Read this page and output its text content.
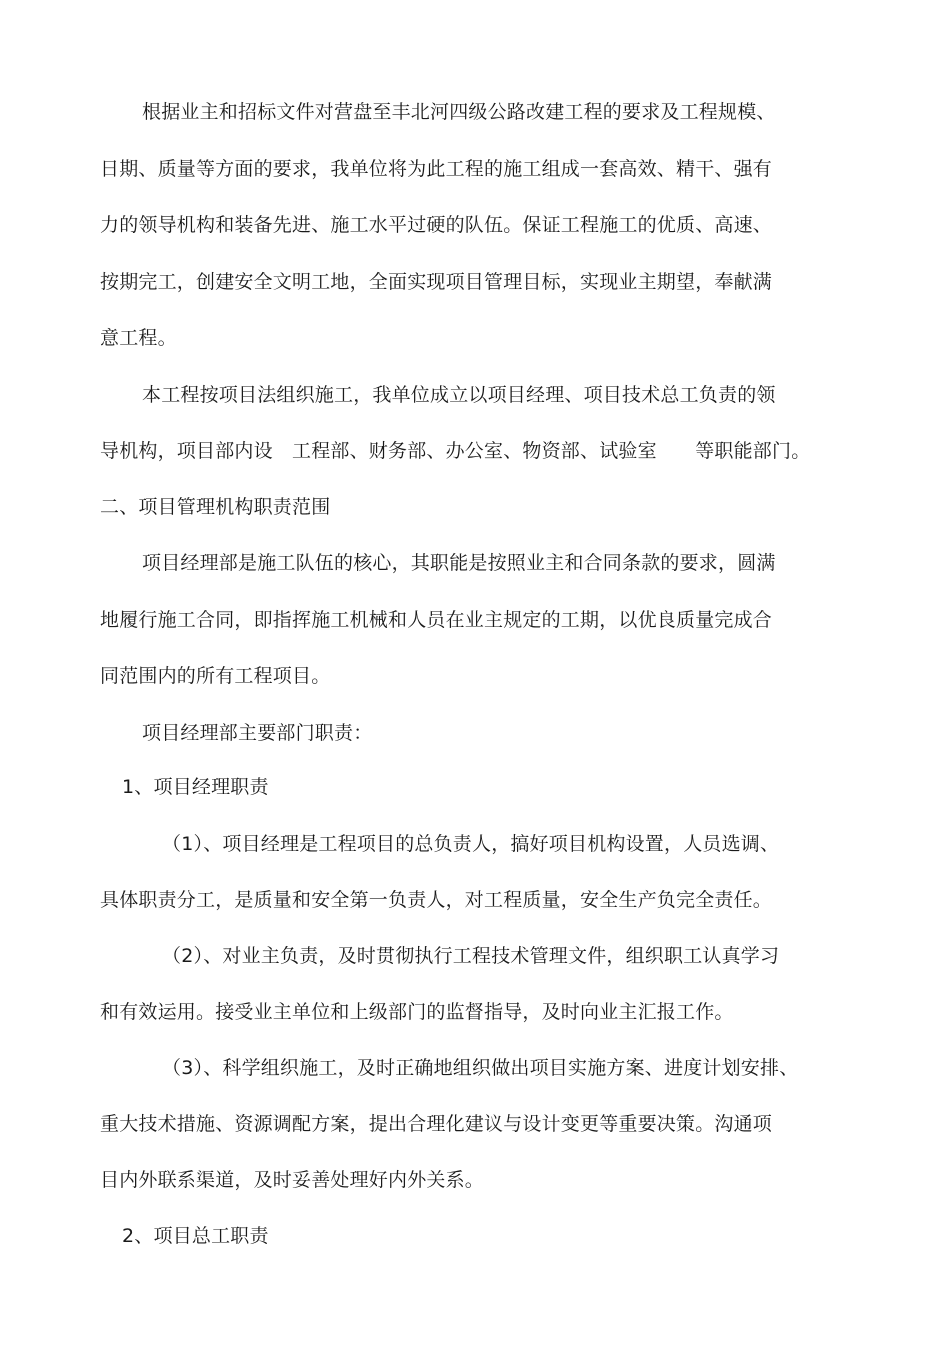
根据业主和招标文件对营盘至丰北河四级公路改建工程的要求及工程规模、
日期、质量等方面的要求，我单位将为此工程的施工组成一套高效、精干、强有
力的领导机构和装备先进、施工水平过硬的队伍。保证工程施工的优质、高速、
按期完工，创建安全文明工地，全面实现项目管理目标，实现业主期望，奉献满
意工程。
本工程按项目法组织施工，我单位成立以项目经理、项目技术总工负责的领
导机构，项目部内设　工程部、财务部、办公室、物资部、试验室　　等职能部门。
二、项目管理机构职责范围
项目经理部是施工队伍的核心，其职能是按照业主和合同条款的要求，圆满
地履行施工合同，即指挥施工机械和人员在业主规定的工期，以优良质量完成合
同范围内的所有工程项目。
项目经理部主要部门职责：
1、项目经理职责
（1）、项目经理是工程项目的总负责人，搞好项目机构设置，人员选调、
具体职责分工，是质量和安全第一负责人，对工程质量，安全生产负完全责任。
（2）、对业主负责，及时贯彻执行工程技术管理文件，组织职工认真学习
和有效运用。接受业主单位和上级部门的监督指导，及时向业主汇报工作。
（3）、科学组织施工，及时正确地组织做出项目实施方案、进度计划安排、
重大技术措施、资源调配方案，提出合理化建议与设计变更等重要决策。沟通项
目内外联系渠道，及时妥善处理好内外关系。
2、项目总工职责
